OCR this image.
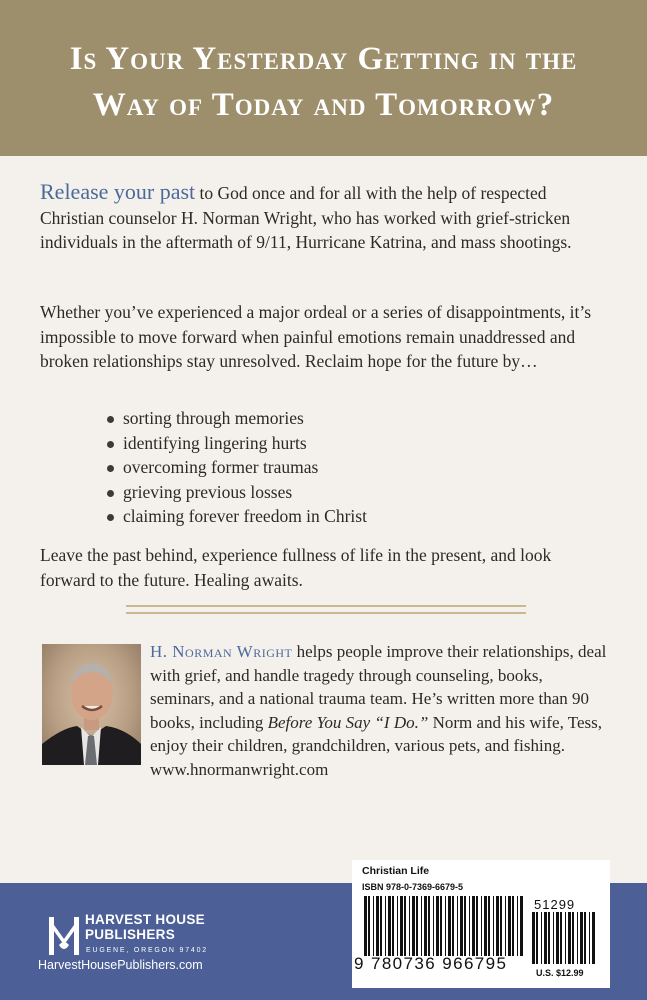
Is Your Yesterday Getting in the
Way of Today and Tomorrow?

Release your past to God once and for all with the help of respected Christian counselor H. Norman Wright, who has worked with grief-stricken individuals in the aftermath of 9/11, Hurricane Katrina, and mass shootings.

Whether you’ve experienced a major ordeal or a series of disappointments, it’s impossible to move forward when painful emotions remain unaddressed and broken relationships stay unresolved. Reclaim hope for the future by…

sorting through memories
identifying lingering hurts
overcoming former traumas
grieving previous losses
claiming forever freedom in Christ

Leave the past behind, experience fullness of life in the present, and look forward to the future. Healing awaits.

H. Norman Wright helps people improve their relationships, deal with grief, and handle tragedy through counseling, books, seminars, and a national trauma team. He’s written more than 90 books, including Before You Say “I Do.” Norm and his wife, Tess, enjoy their children, grandchildren, various pets, and fishing. www.hnormanwright.com

HARVEST HOUSE
PUBLISHERS
EUGENE, OREGON 97402
HarvestHousePublishers.com
Christian Life
ISBN 978-0-7369-6679-5
51299
9 780736 966795	U.S. $12.99
